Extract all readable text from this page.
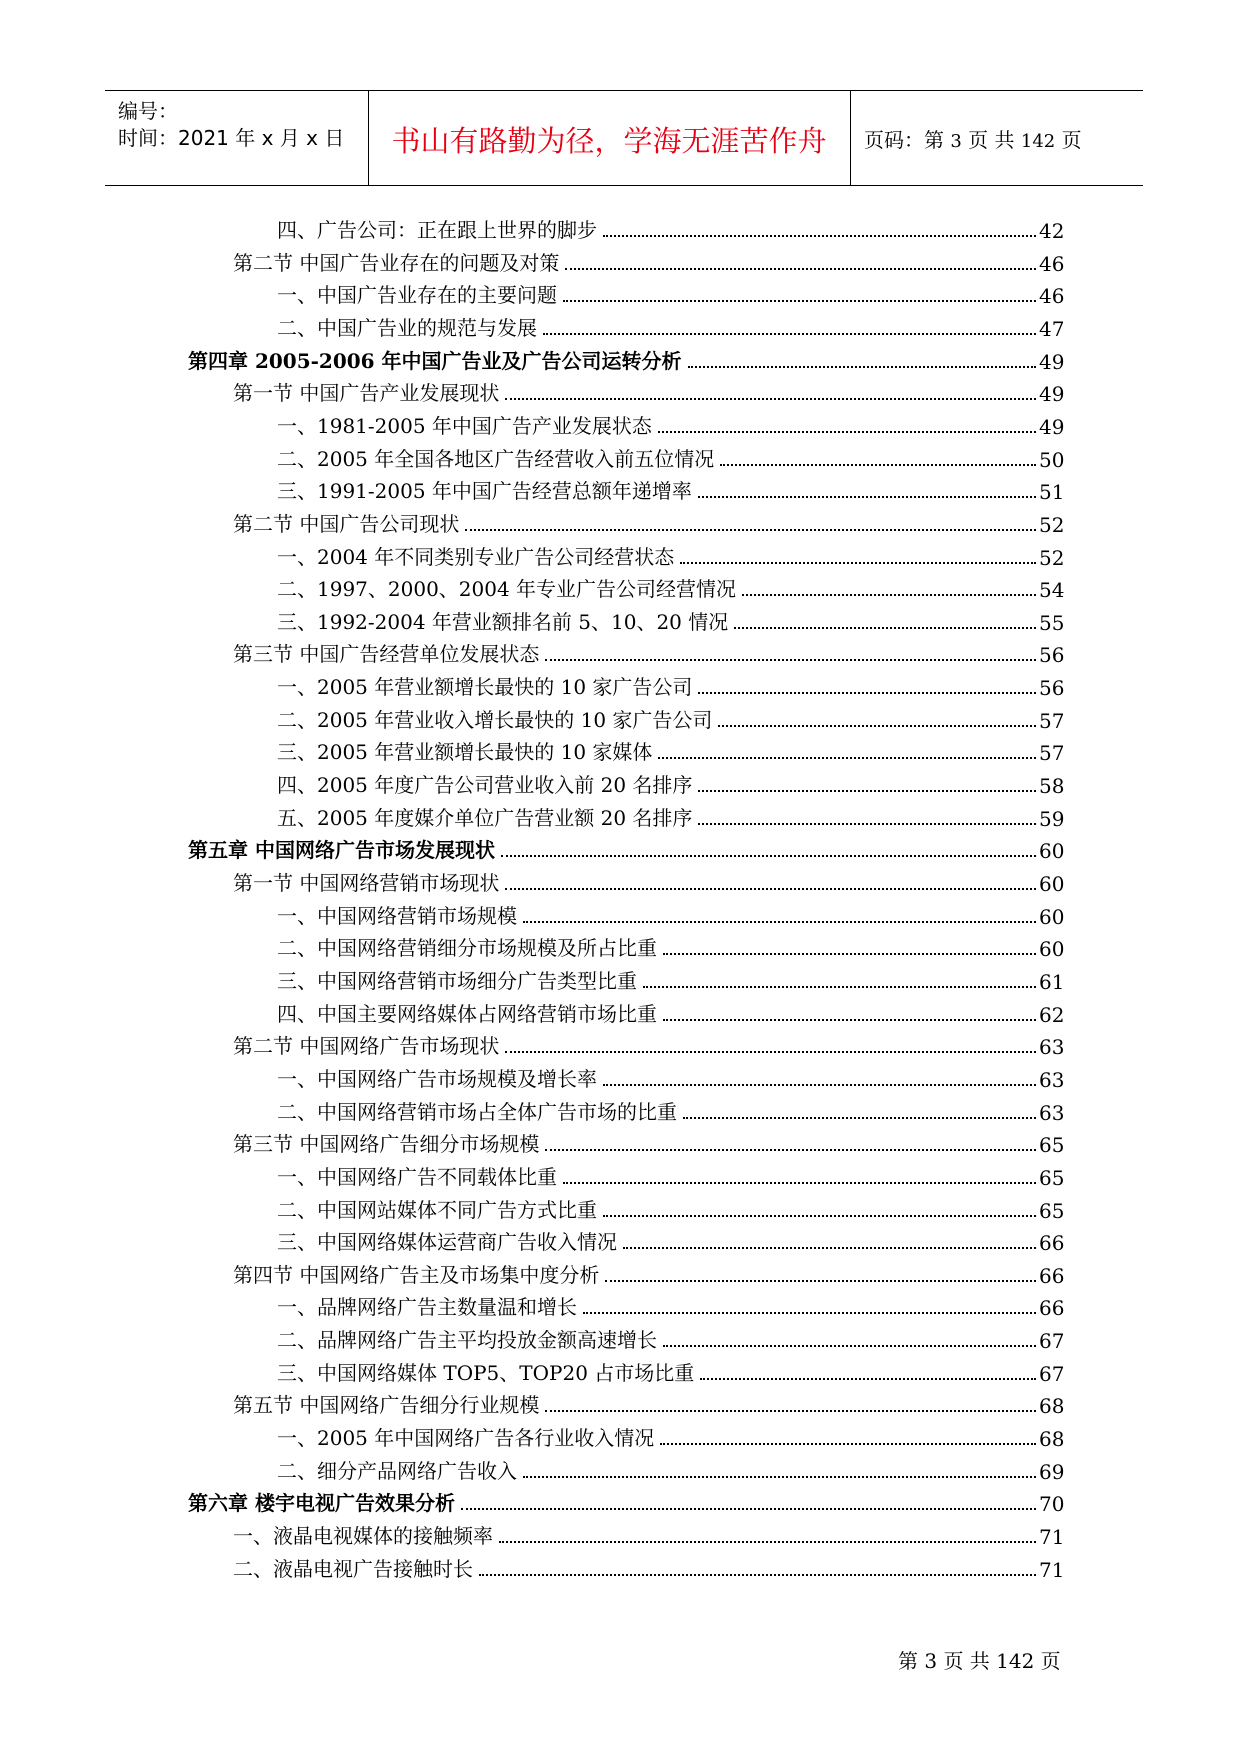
编号：
时间：2021 年 x 月 x 日	书山有路勤为径，学海无涯苦作舟	页码：第 3 页 共 142 页
四、广告公司：正在跟上世界的脚步	42
第二节 中国广告业存在的问题及对策	46
一、中国广告业存在的主要问题	46
二、中国广告业的规范与发展	47
第四章 2005-2006 年中国广告业及广告公司运转分析	49
第一节 中国广告产业发展现状	49
一、1981-2005 年中国广告产业发展状态	49
二、2005 年全国各地区广告经营收入前五位情况	50
三、1991-2005 年中国广告经营总额年递增率	51
第二节 中国广告公司现状	52
一、2004 年不同类别专业广告公司经营状态	52
二、1997、2000、2004 年专业广告公司经营情况	54
三、1992-2004 年营业额排名前 5、10、20 情况	55
第三节 中国广告经营单位发展状态	56
一、2005 年营业额增长最快的 10 家广告公司	56
二、2005 年营业收入增长最快的 10 家广告公司	57
三、2005 年营业额增长最快的 10 家媒体	57
四、2005 年度广告公司营业收入前 20 名排序	58
五、2005 年度媒介单位广告营业额 20 名排序	59
第五章 中国网络广告市场发展现状	60
第一节 中国网络营销市场现状	60
一、中国网络营销市场规模	60
二、中国网络营销细分市场规模及所占比重	60
三、中国网络营销市场细分广告类型比重	61
四、中国主要网络媒体占网络营销市场比重	62
第二节 中国网络广告市场现状	63
一、中国网络广告市场规模及增长率	63
二、中国网络营销市场占全体广告市场的比重	63
第三节 中国网络广告细分市场规模	65
一、中国网络广告不同载体比重	65
二、中国网站媒体不同广告方式比重	65
三、中国网络媒体运营商广告收入情况	66
第四节 中国网络广告主及市场集中度分析	66
一、品牌网络广告主数量温和增长	66
二、品牌网络广告主平均投放金额高速增长	67
三、中国网络媒体 TOP5、TOP20 占市场比重	67
第五节 中国网络广告细分行业规模	68
一、2005 年中国网络广告各行业收入情况	68
二、细分产品网络广告收入	69
第六章 楼宇电视广告效果分析	70
一、液晶电视媒体的接触频率	71
二、液晶电视广告接触时长	71
第 3 页 共 142 页
